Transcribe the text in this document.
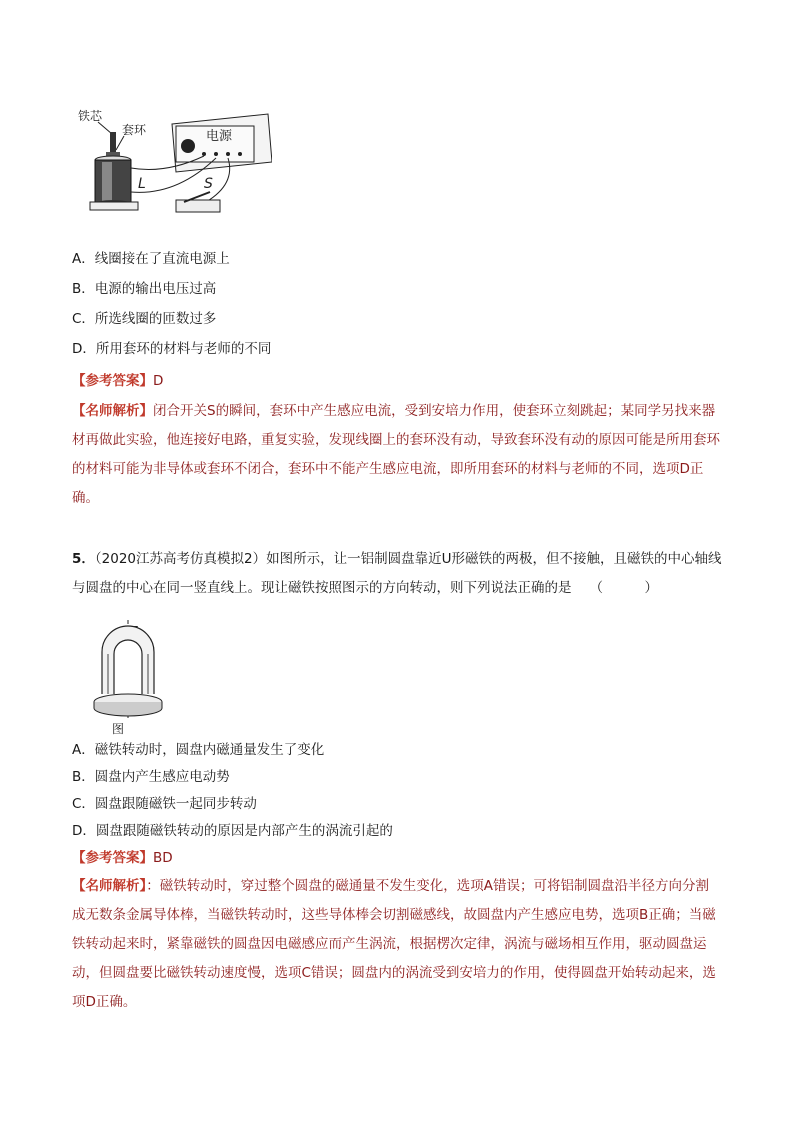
铁芯
套环
L
电源
S
A．线圈接在了直流电源上
B．电源的输出电压过高
C．所选线圈的匝数过多
D．所用套环的材料与老师的不同
【参考答案】D
【名师解析】闭合开关S的瞬间，套环中产生感应电流，受到安培力作用，使套环立刻跳起；某同学另找来器材再做此实验，他连接好电路，重复实验，发现线圈上的套环没有动，导致套环没有动的原因可能是所用套环的材料可能为非导体或套环不闭合，套环中不能产生感应电流，即所用套环的材料与老师的不同，选项D正确。
5．（2020江苏高考仿真模拟2）如图所示，让一铝制圆盘靠近U形磁铁的两极，但不接触，且磁铁的中心轴线与圆盘的中心在同一竖直线上。现让磁铁按照图示的方向转动，则下列说法正确的是 （　）
图
A．磁铁转动时，圆盘内磁通量发生了变化
B．圆盘内产生感应电动势
C．圆盘跟随磁铁一起同步转动
D．圆盘跟随磁铁转动的原因是内部产生的涡流引起的
【参考答案】BD
【名师解析】：磁铁转动时，穿过整个圆盘的磁通量不发生变化，选项A错误；可将铝制圆盘沿半径方向分割成无数条金属导体棒，当磁铁转动时，这些导体棒会切割磁感线，故圆盘内产生感应电势，选项B正确；当磁铁转动起来时，紧靠磁铁的圆盘因电磁感应而产生涡流，根据楞次定律，涡流与磁场相互作用，驱动圆盘运动，但圆盘要比磁铁转动速度慢，选项C错误；圆盘内的涡流受到安培力的作用，使得圆盘开始转动起来，选项D正确。
